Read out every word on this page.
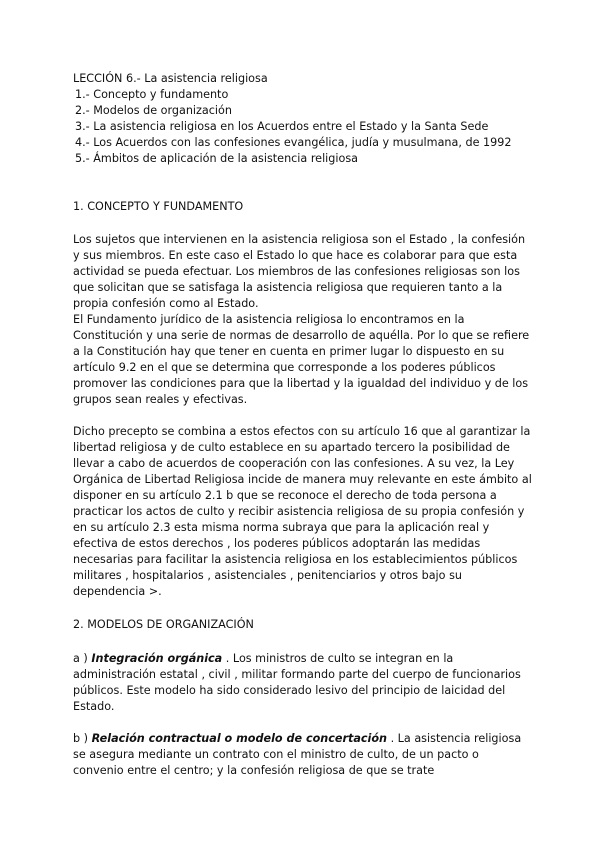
LECCIÓN 6.- La asistencia religiosa

1.- Concepto y fundamento

2.- Modelos de organización

3.- La asistencia religiosa en los Acuerdos entre el Estado y la Santa Sede

4.- Los Acuerdos con las confesiones evangélica, judía y musulmana, de 1992

5.- Ámbitos de aplicación de la asistencia religiosa

1. CONCEPTO Y FUNDAMENTO

Los sujetos que intervienen en la asistencia religiosa son el Estado , la confesión y sus miembros. En este caso el Estado lo que hace es colaborar para que esta actividad se pueda efectuar. Los miembros de las confesiones religiosas son los que solicitan que se satisfaga la asistencia religiosa que requieren tanto a la propia confesión como al Estado.

El Fundamento jurídico de la asistencia religiosa lo encontramos en la Constitución y una serie de normas de desarrollo de aquélla. Por lo que se refiere a la Constitución hay que tener en cuenta en primer lugar lo dispuesto en su artículo 9.2 en el que se determina que corresponde a los poderes públicos promover las condiciones para que la libertad y la igualdad del individuo y de los grupos sean reales y efectivas.

Dicho precepto se combina a estos efectos con su artículo 16 que al garantizar la libertad religiosa y de culto establece en su apartado tercero la posibilidad de llevar a cabo de acuerdos de cooperación con las confesiones. A su vez, la Ley Orgánica de Libertad Religiosa incide de manera muy relevante en este ámbito al disponer en su artículo 2.1 b que se reconoce el derecho de toda persona a practicar los actos de culto y recibir asistencia religiosa de su propia confesión y en su artículo 2.3 esta misma norma subraya que para la aplicación real y efectiva de estos derechos , los poderes públicos adoptarán las medidas necesarias para facilitar la asistencia religiosa en los establecimientos públicos militares , hospitalarios , asistenciales , penitenciarios y otros bajo su dependencia >.

2. MODELOS DE ORGANIZACIÓN

a ) Integración orgánica . Los ministros de culto se integran en la administración estatal , civil , militar formando parte del cuerpo de funcionarios públicos. Este modelo ha sido considerado lesivo del principio de laicidad del Estado.

b ) Relación contractual o modelo de concertación . La asistencia religiosa se asegura mediante un contrato con el ministro de culto, de un pacto o convenio entre el centro; y la confesión religiosa de que se trate
